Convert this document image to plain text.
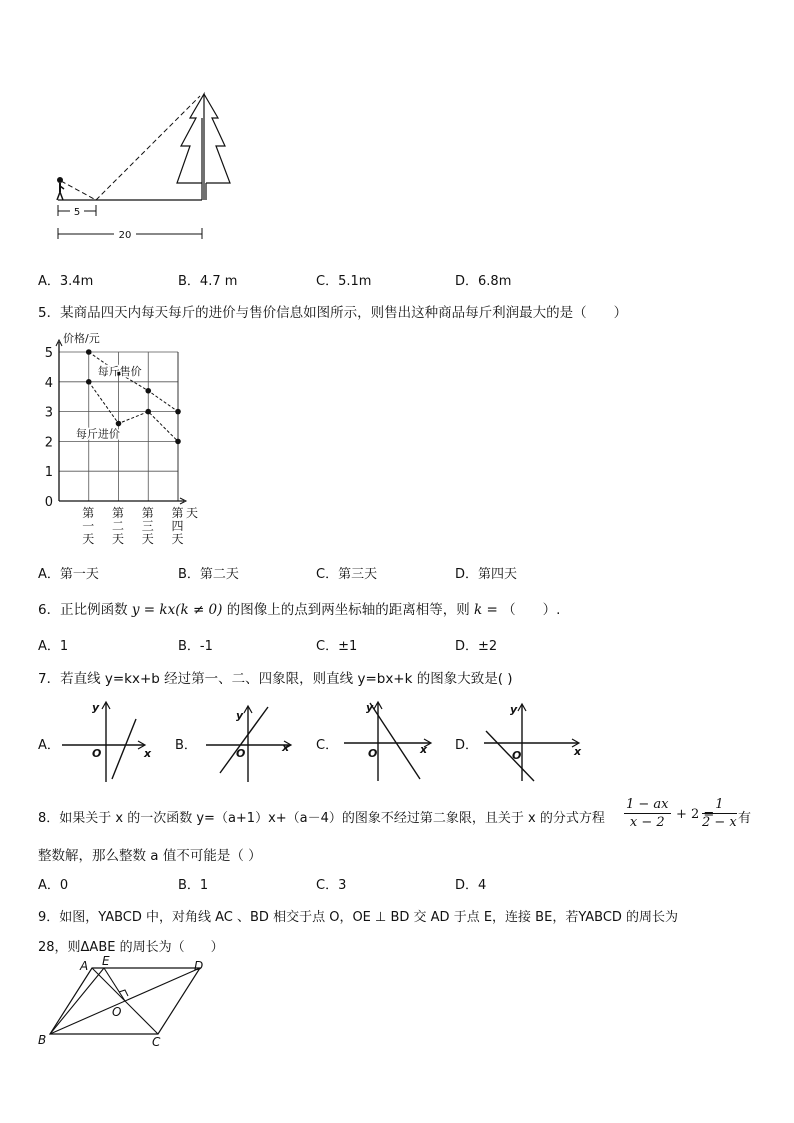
5
20
A．3.4m	B．4.7 m	C．5.1m	D．6.8m
5．某商品四天内每天每斤的进价与售价信息如图所示，则售出这种商品每斤利润最大的是（　　）
0
1
2
3
4
5
价格/元
天
第
一
天
第
二
天
第
三
天
第
四
天
每斤售价
每斤进价
A．第一天	B．第二天	C．第三天	D．第四天
6．正比例函数 y = kx(k ≠ 0) 的图像上的点到两坐标轴的距离相等，则 k = （　　）.
A．1	B．-1	C．±1	D．±2
7．若直线 y=kx+b 经过第一、二、四象限，则直线 y=bx+k 的图象大致是( )
A．
y
O	x
B．
y
O	x C．
y
O	x D．
y
O	x
8．如果关于 x 的一次函数 y=（a+1）x+（a－4）的图象不经过第二象限，且关于 x 的分式方程 $\frac{1 - ax}{x - 2} + 2$ =
$\frac{1}{2 - x}$ 有
整数解，那么整数 a 值不可能是（ ）
A．0	B．1	C．3	D．4
9．如图，YABCD 中，对角线 AC 、BD 相交于点 O，OE ⊥ BD 交 AD 于点 E，连接 BE，若YABCD 的周长为
28，则ΔABE 的周长为（　　）
A E	D
O
B	C
